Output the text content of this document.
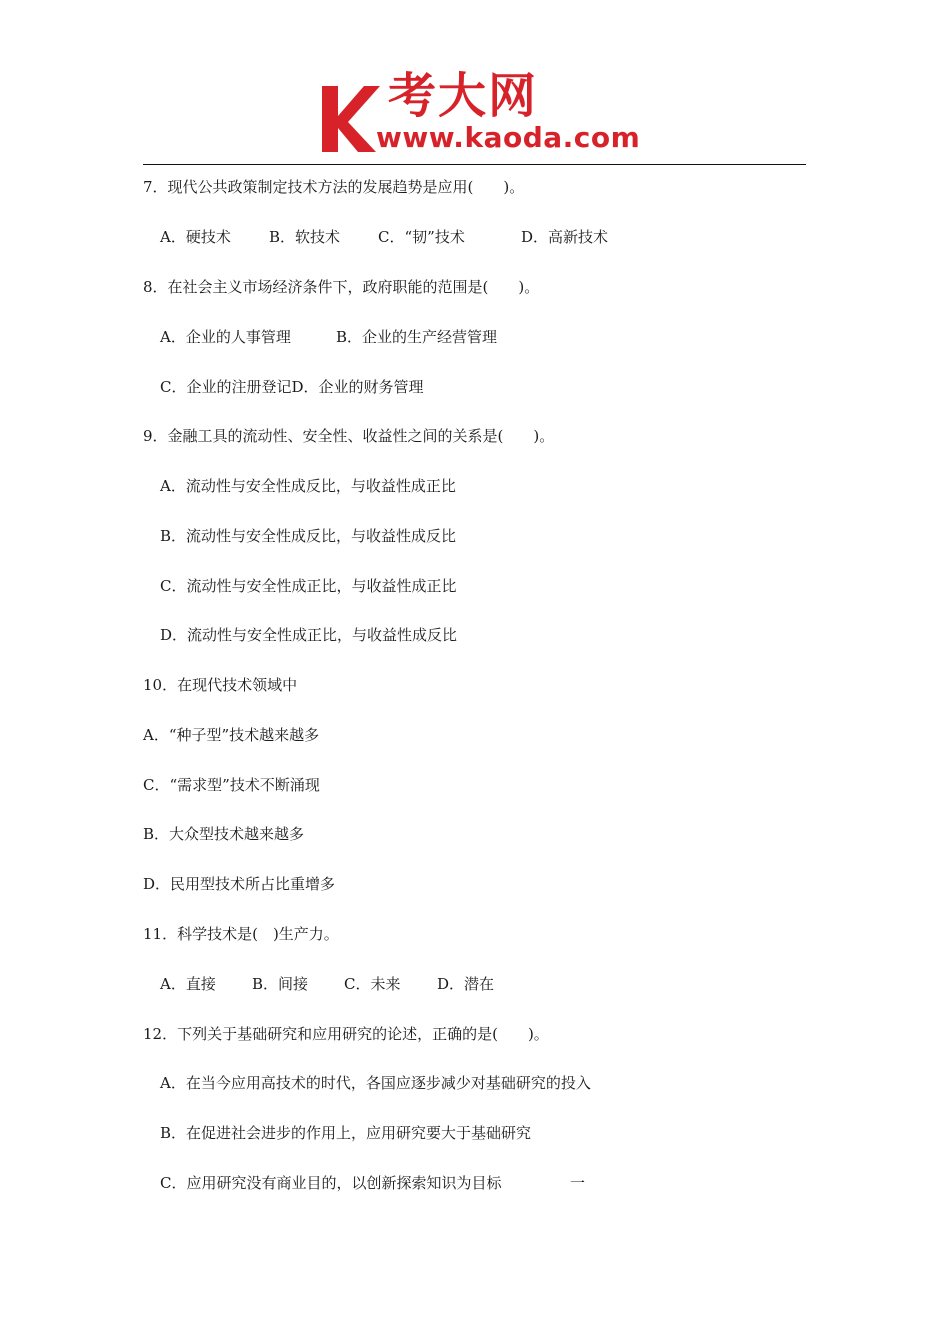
考大网
www.kaoda.com
7．现代公共政策制定技术方法的发展趋势是应用(　　)。
A．硬技术	B．软技术	C．“韧”技术	D．高新技术
8．在社会主义市场经济条件下，政府职能的范围是(　　)。
A．企业的人事管理	B．企业的生产经营管理
C．企业的注册登记D．企业的财务管理
9．金融工具的流动性、安全性、收益性之间的关系是(　　)。
A．流动性与安全性成反比，与收益性成正比
B．流动性与安全性成反比，与收益性成反比
C．流动性与安全性成正比，与收益性成正比
D．流动性与安全性成正比，与收益性成反比
10．在现代技术领域中
A．“种子型”技术越来越多
C．“需求型”技术不断涌现
B．大众型技术越来越多
D．民用型技术所占比重增多
11．科学技术是(　)生产力。
A．直接 B．间接 C．未来 D．潜在
12．下列关于基础研究和应用研究的论述，正确的是(　　)。
A．在当今应用高技术的时代，各国应逐步减少对基础研究的投入
B．在促进社会进步的作用上，应用研究要大于基础研究
C．应用研究没有商业目的，以创新探索知识为目标	一
